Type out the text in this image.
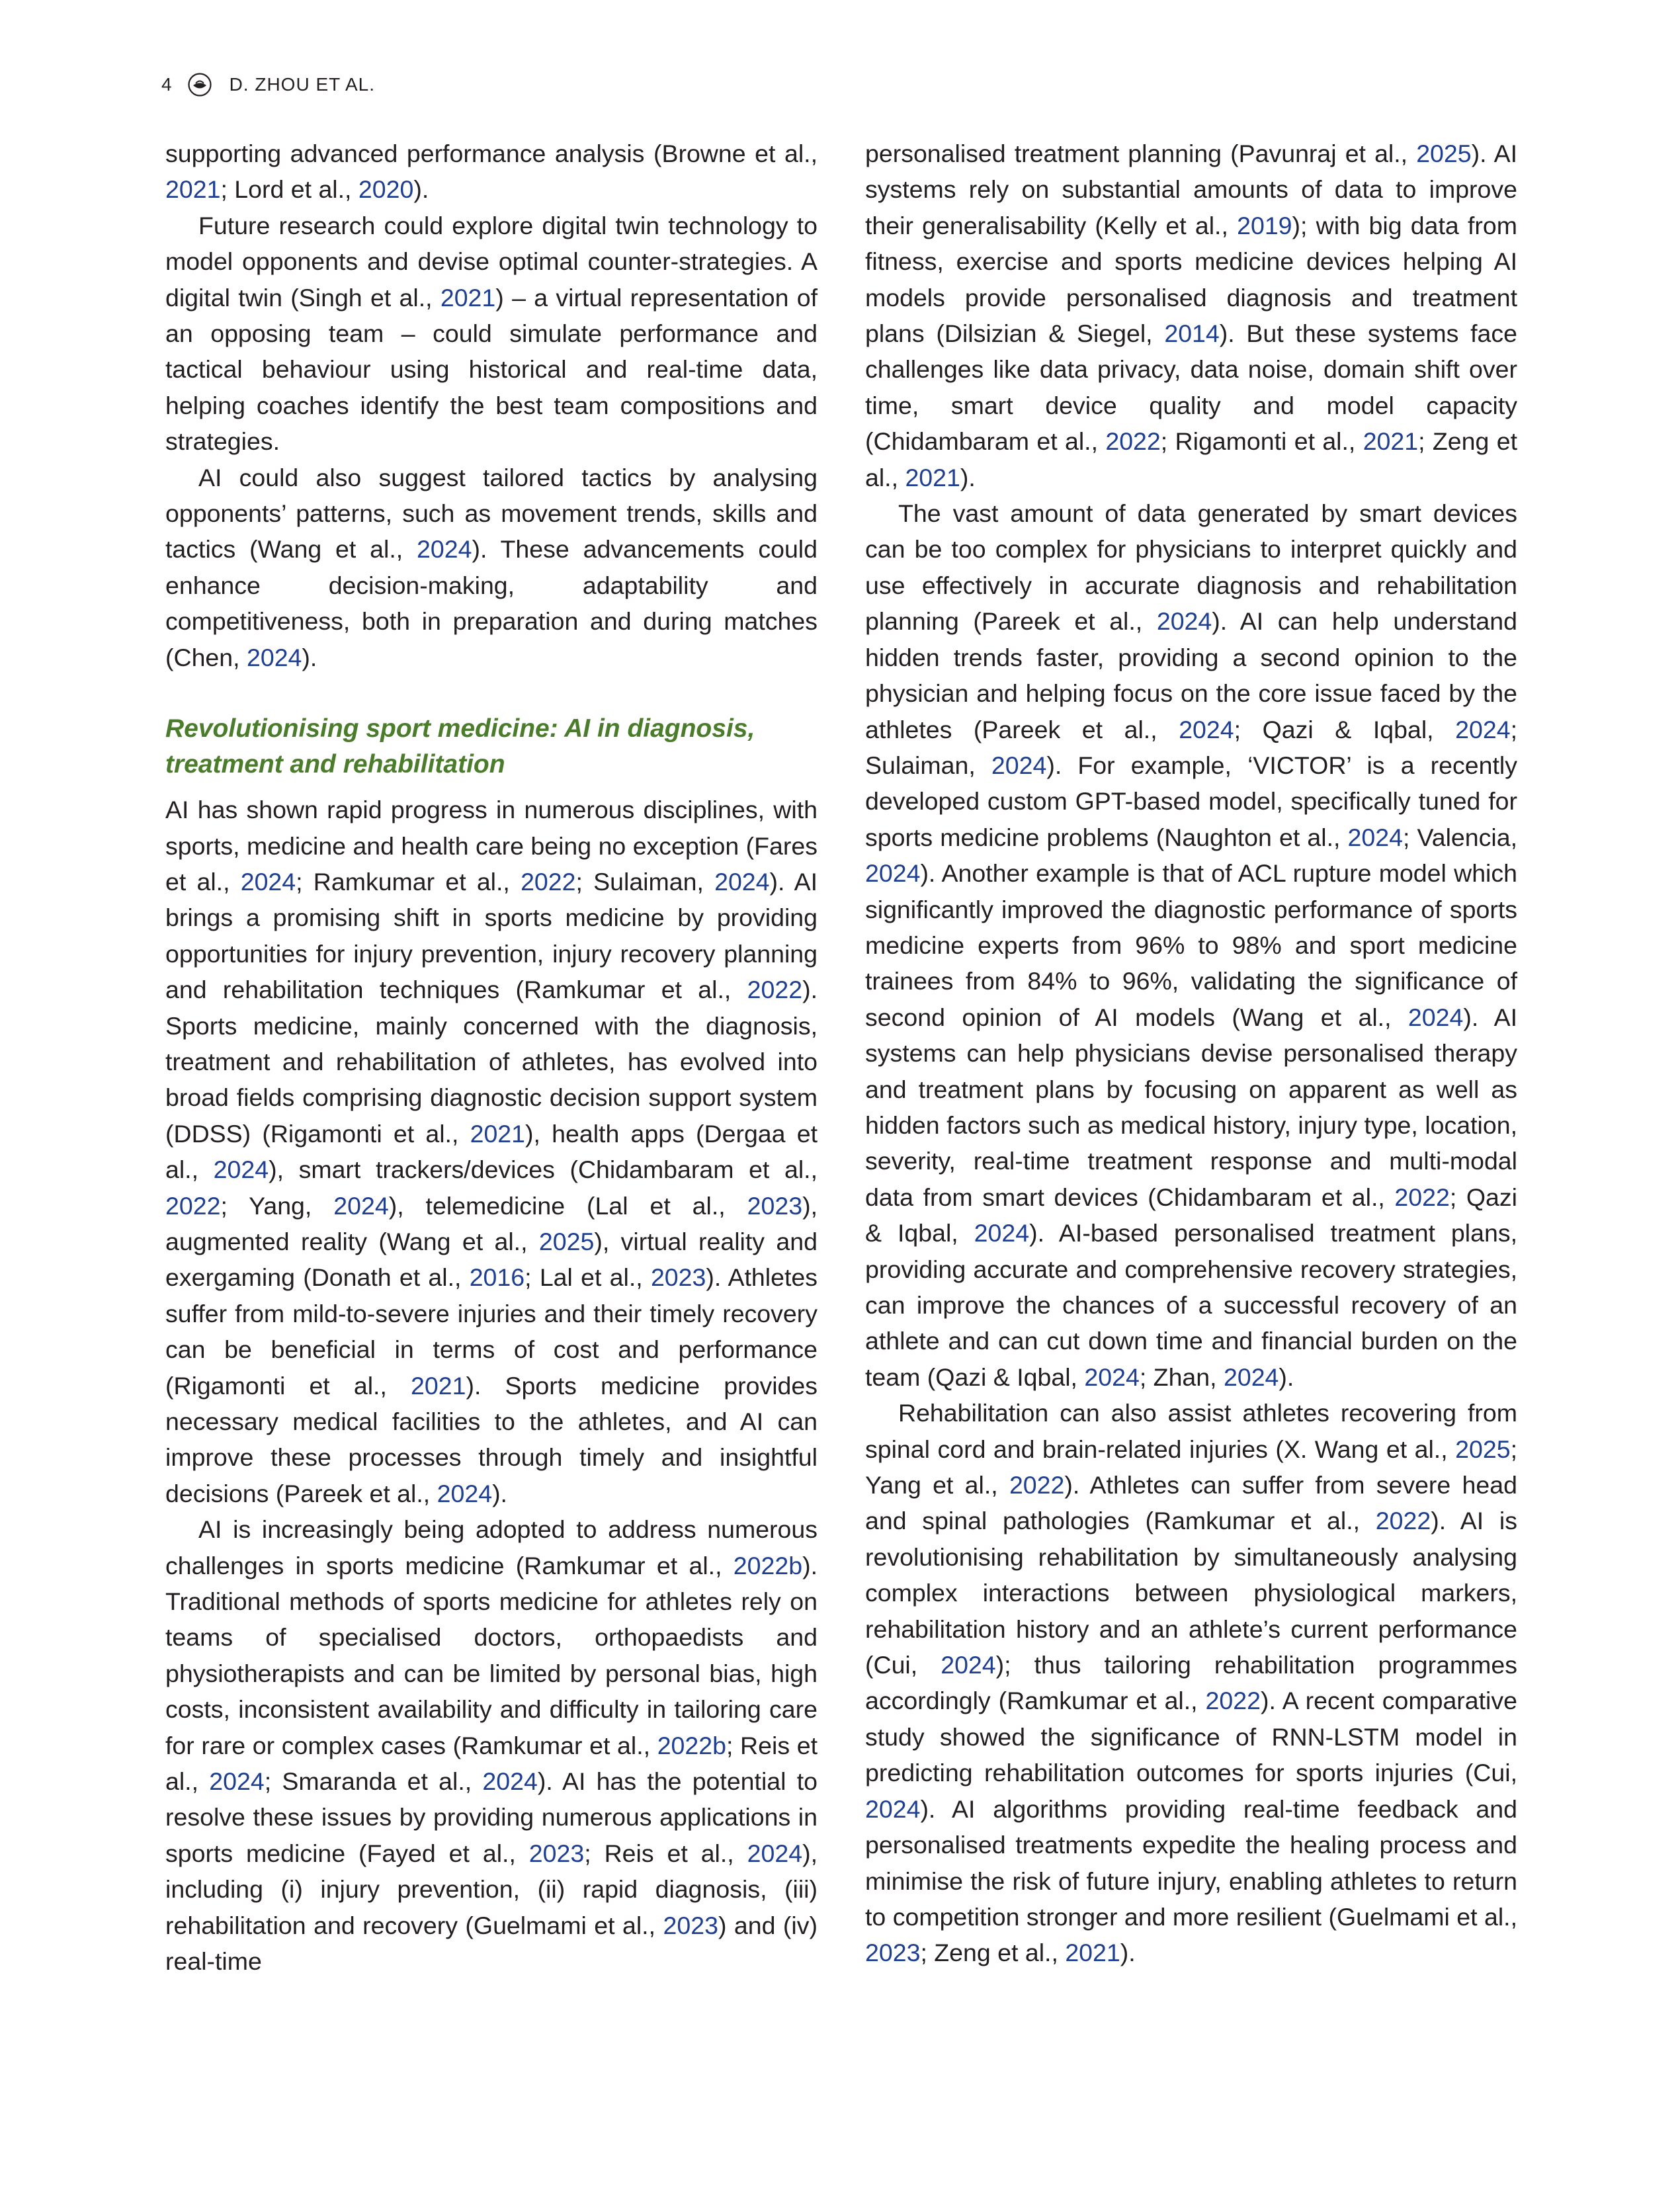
4	D. ZHOU ET AL.

supporting advanced performance analysis (Browne et al., 2021; Lord et al., 2020).

Future research could explore digital twin technology to model opponents and devise optimal counter-strategies. A digital twin (Singh et al., 2021) – a virtual representation of an opposing team – could simulate performance and tactical behaviour using historical and real-time data, helping coaches identify the best team compositions and strategies.

AI could also suggest tailored tactics by analysing opponents’ patterns, such as movement trends, skills and tactics (Wang et al., 2024). These advancements could enhance decision-making, adaptability and competitiveness, both in preparation and during matches (Chen, 2024).

Revolutionising sport medicine: AI in diagnosis, treatment and rehabilitation

AI has shown rapid progress in numerous disciplines, with sports, medicine and health care being no exception (Fares et al., 2024; Ramkumar et al., 2022; Sulaiman, 2024). AI brings a promising shift in sports medicine by providing opportunities for injury prevention, injury recovery planning and rehabilitation techniques (Ramkumar et al., 2022). Sports medicine, mainly concerned with the diagnosis, treatment and rehabilitation of athletes, has evolved into broad fields comprising diagnostic decision support system (DDSS) (Rigamonti et al., 2021), health apps (Dergaa et al., 2024), smart trackers/devices (Chidambaram et al., 2022; Yang, 2024), telemedicine (Lal et al., 2023), augmented reality (Wang et al., 2025), virtual reality and exergaming (Donath et al., 2016; Lal et al., 2023). Athletes suffer from mild-to-severe injuries and their timely recovery can be beneficial in terms of cost and performance (Rigamonti et al., 2021). Sports medicine provides necessary medical facilities to the athletes, and AI can improve these processes through timely and insightful decisions (Pareek et al., 2024).

AI is increasingly being adopted to address numerous challenges in sports medicine (Ramkumar et al., 2022b). Traditional methods of sports medicine for athletes rely on teams of specialised doctors, orthopaedists and physiotherapists and can be limited by personal bias, high costs, inconsistent availability and difficulty in tailoring care for rare or complex cases (Ramkumar et al., 2022b; Reis et al., 2024; Smaranda et al., 2024). AI has the potential to resolve these issues by providing numerous applications in sports medicine (Fayed et al., 2023; Reis et al., 2024), including (i) injury prevention, (ii) rapid diagnosis, (iii) rehabilitation and recovery (Guelmami et al., 2023) and (iv) real-time

personalised treatment planning (Pavunraj et al., 2025). AI systems rely on substantial amounts of data to improve their generalisability (Kelly et al., 2019); with big data from fitness, exercise and sports medicine devices helping AI models provide personalised diagnosis and treatment plans (Dilsizian & Siegel, 2014). But these systems face challenges like data privacy, data noise, domain shift over time, smart device quality and model capacity (Chidambaram et al., 2022; Rigamonti et al., 2021; Zeng et al., 2021).

The vast amount of data generated by smart devices can be too complex for physicians to interpret quickly and use effectively in accurate diagnosis and rehabilitation planning (Pareek et al., 2024). AI can help understand hidden trends faster, providing a second opinion to the physician and helping focus on the core issue faced by the athletes (Pareek et al., 2024; Qazi & Iqbal, 2024; Sulaiman, 2024). For example, ‘VICTOR’ is a recently developed custom GPT-based model, specifically tuned for sports medicine problems (Naughton et al., 2024; Valencia, 2024). Another example is that of ACL rupture model which significantly improved the diagnostic performance of sports medicine experts from 96% to 98% and sport medicine trainees from 84% to 96%, validating the significance of second opinion of AI models (Wang et al., 2024). AI systems can help physicians devise personalised therapy and treatment plans by focusing on apparent as well as hidden factors such as medical history, injury type, location, severity, real-time treatment response and multi-modal data from smart devices (Chidambaram et al., 2022; Qazi & Iqbal, 2024). AI-based personalised treatment plans, providing accurate and comprehensive recovery strategies, can improve the chances of a successful recovery of an athlete and can cut down time and financial burden on the team (Qazi & Iqbal, 2024; Zhan, 2024).

Rehabilitation can also assist athletes recovering from spinal cord and brain-related injuries (X. Wang et al., 2025; Yang et al., 2022). Athletes can suffer from severe head and spinal pathologies (Ramkumar et al., 2022). AI is revolutionising rehabilitation by simultaneously analysing complex interactions between physiological markers, rehabilitation history and an athlete’s current performance (Cui, 2024); thus tailoring rehabilitation programmes accordingly (Ramkumar et al., 2022). A recent comparative study showed the significance of RNN-LSTM model in predicting rehabilitation outcomes for sports injuries (Cui, 2024). AI algorithms providing real-time feedback and personalised treatments expedite the healing process and minimise the risk of future injury, enabling athletes to return to competition stronger and more resilient (Guelmami et al., 2023; Zeng et al., 2021).
